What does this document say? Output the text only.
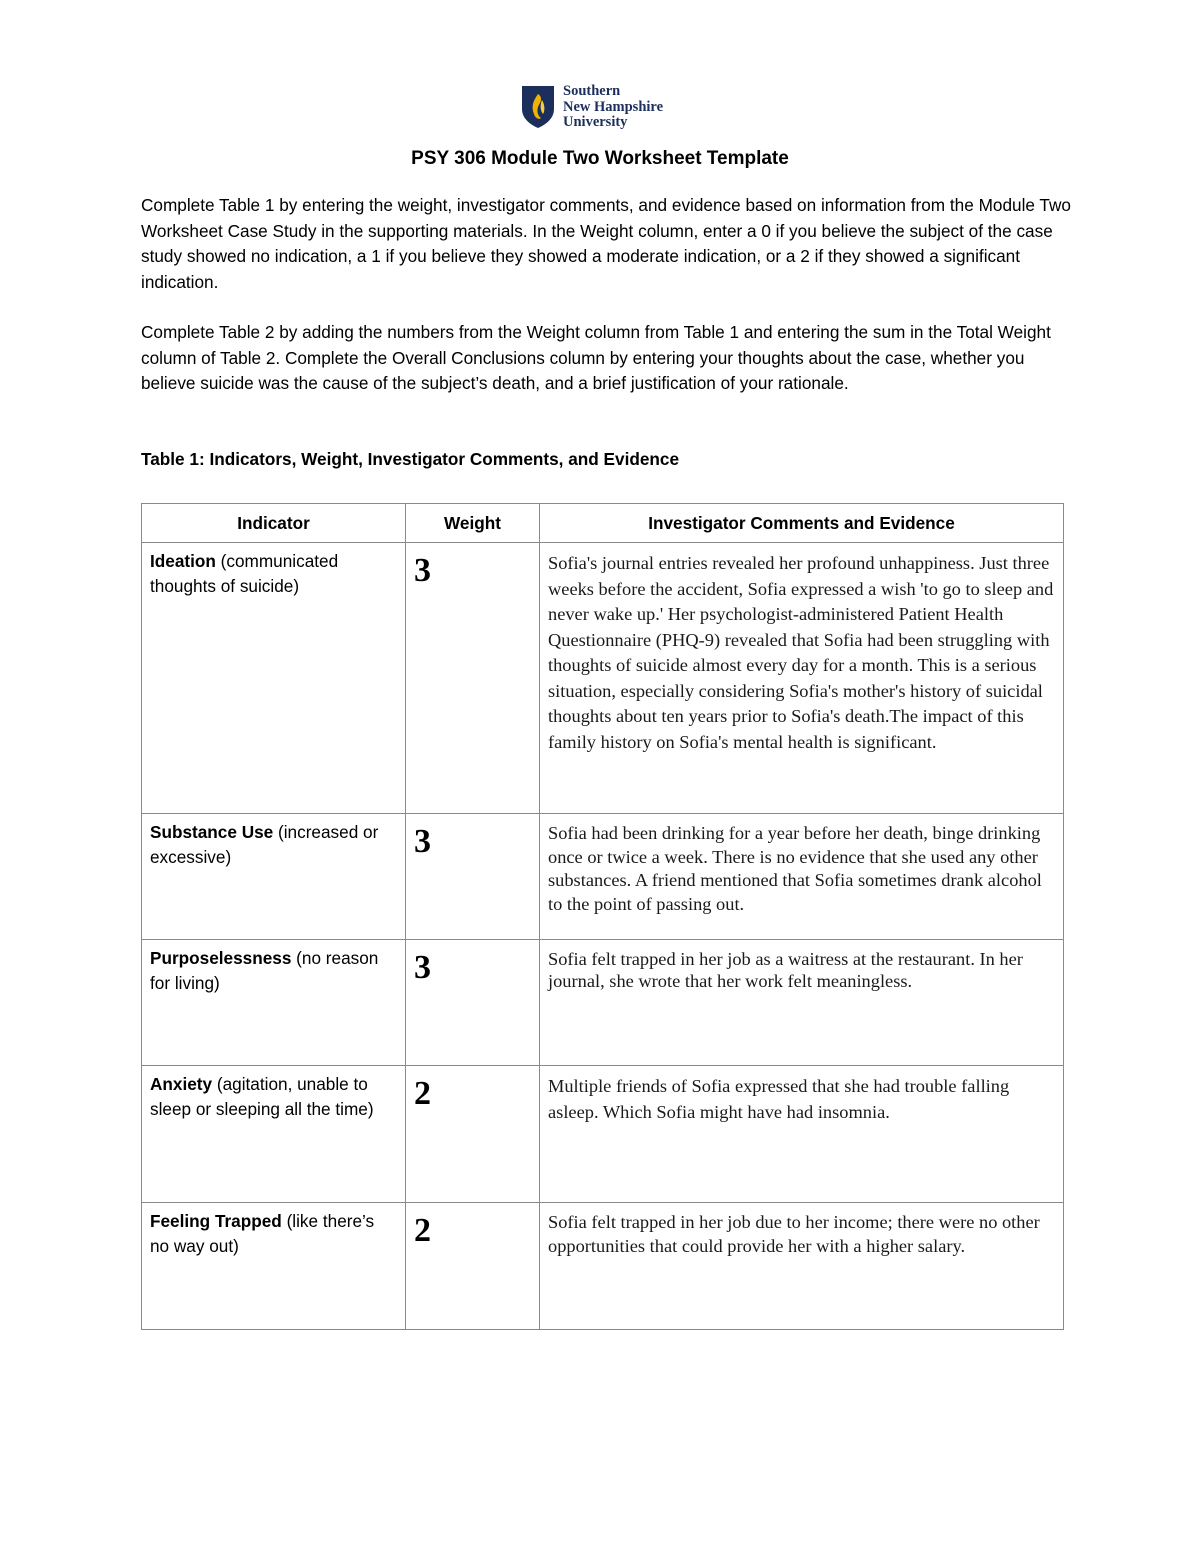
Southern
New Hampshire
University
PSY 306 Module Two Worksheet Template
Complete Table 1 by entering the weight, investigator comments, and evidence based on information from the Module Two Worksheet Case Study in the supporting materials. In the Weight column, enter a 0 if you believe the subject of the case study showed no indication, a 1 if you believe they showed a moderate indication, or a 2 if they showed a significant indication.
Complete Table 2 by adding the numbers from the Weight column from Table 1 and entering the sum in the Total Weight column of Table 2. Complete the Overall Conclusions column by entering your thoughts about the case, whether you believe suicide was the cause of the subject’s death, and a brief justification of your rationale.
Table 1: Indicators, Weight, Investigator Comments, and Evidence
Indicator	Weight	Investigator Comments and Evidence
Ideation (communicated thoughts of suicide)	3	Sofia's journal entries revealed her profound unhappiness. Just three weeks before the accident, Sofia expressed a wish 'to go to sleep and never wake up.' Her psychologist-administered Patient Health Questionnaire (PHQ-9) revealed that Sofia had been struggling with thoughts of suicide almost every day for a month. This is a serious situation, especially considering Sofia's mother's history of suicidal thoughts about ten years prior to Sofia's death.The impact of this family history on Sofia's mental health is significant.
Substance Use (increased or excessive)	3	Sofia had been drinking for a year before her death, binge drinking once or twice a week. There is no evidence that she used any other substances. A friend mentioned that Sofia sometimes drank alcohol to the point of passing out.
Purposelessness (no reason for living)	3	Sofia felt trapped in her job as a waitress at the restaurant. In her journal, she wrote that her work felt meaningless.
Anxiety (agitation, unable to sleep or sleeping all the time)	2	Multiple friends of Sofia expressed that she had trouble falling asleep. Which Sofia might have had insomnia.
Feeling Trapped (like there’s no way out)	2	Sofia felt trapped in her job due to her income; there were no other opportunities that could provide her with a higher salary.
